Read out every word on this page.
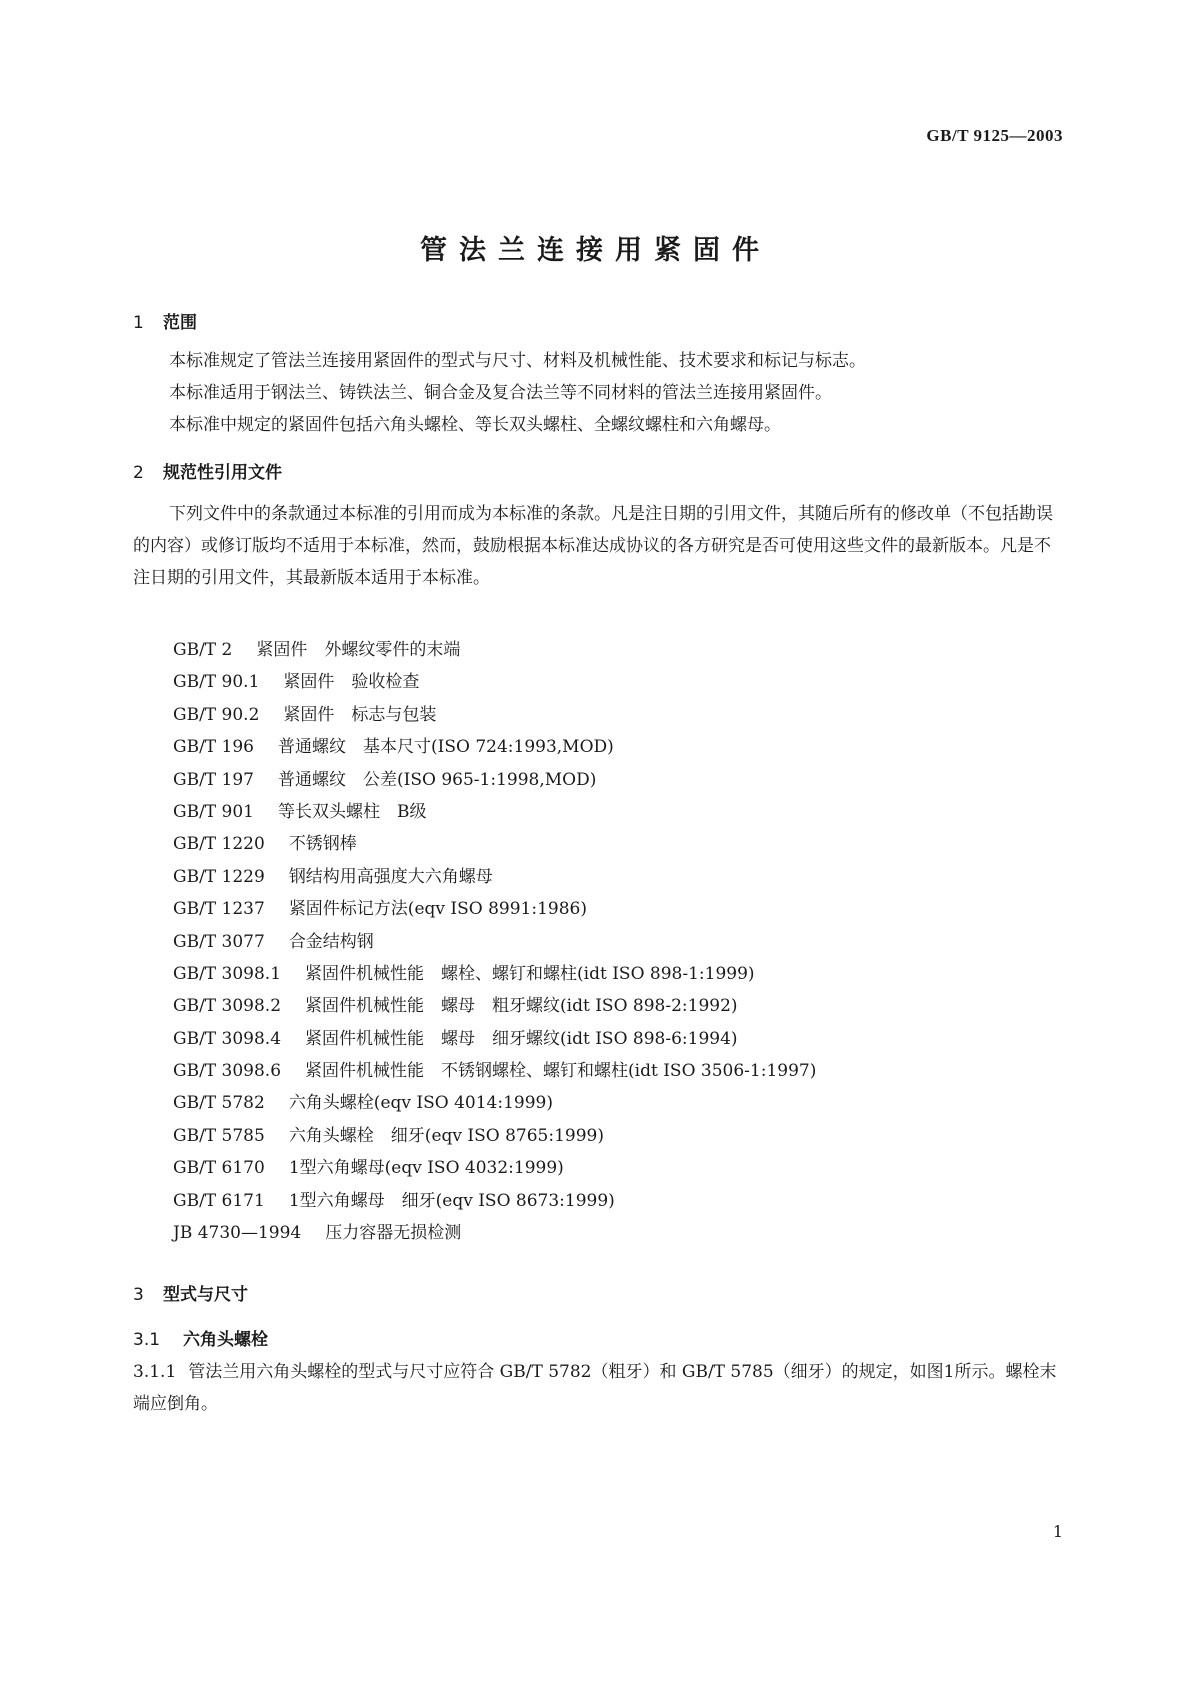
GB/T 9125—2003
管法兰连接用紧固件
1 范围

本标准规定了管法兰连接用紧固件的型式与尺寸、材料及机械性能、技术要求和标记与标志。

本标准适用于钢法兰、铸铁法兰、铜合金及复合法兰等不同材料的管法兰连接用紧固件。

本标准中规定的紧固件包括六角头螺栓、等长双头螺柱、全螺纹螺柱和六角螺母。

2 规范性引用文件

下列文件中的条款通过本标准的引用而成为本标准的条款。凡是注日期的引用文件，其随后所有的修改单（不包括勘误的内容）或修订版均不适用于本标准，然而，鼓励根据本标准达成协议的各方研究是否可使用这些文件的最新版本。凡是不注日期的引用文件，其最新版本适用于本标准。

GB/T 2 紧固件　外螺纹零件的末端
GB/T 90.1 紧固件　验收检查
GB/T 90.2 紧固件　标志与包装
GB/T 196 普通螺纹　基本尺寸(ISO 724:1993,MOD)
GB/T 197 普通螺纹　公差(ISO 965-1:1998,MOD)
GB/T 901 等长双头螺柱　B级
GB/T 1220 不锈钢棒
GB/T 1229 钢结构用高强度大六角螺母
GB/T 1237 紧固件标记方法(eqv ISO 8991:1986)
GB/T 3077 合金结构钢
GB/T 3098.1 紧固件机械性能　螺栓、螺钉和螺柱(idt ISO 898-1:1999)
GB/T 3098.2 紧固件机械性能　螺母　粗牙螺纹(idt ISO 898-2:1992)
GB/T 3098.4 紧固件机械性能　螺母　细牙螺纹(idt ISO 898-6:1994)
GB/T 3098.6 紧固件机械性能　不锈钢螺栓、螺钉和螺柱(idt ISO 3506-1:1997)
GB/T 5782 六角头螺栓(eqv ISO 4014:1999)
GB/T 5785 六角头螺栓　细牙(eqv ISO 8765:1999)
GB/T 6170 1型六角螺母(eqv ISO 4032:1999)
GB/T 6171 1型六角螺母　细牙(eqv ISO 8673:1999)
JB 4730—1994 压力容器无损检测
3 型式与尺寸
3.1 六角头螺栓
3.1.1 管法兰用六角头螺栓的型式与尺寸应符合 GB/T 5782（粗牙）和 GB/T 5785（细牙）的规定，如图1所示。螺栓末端应倒角。
1
